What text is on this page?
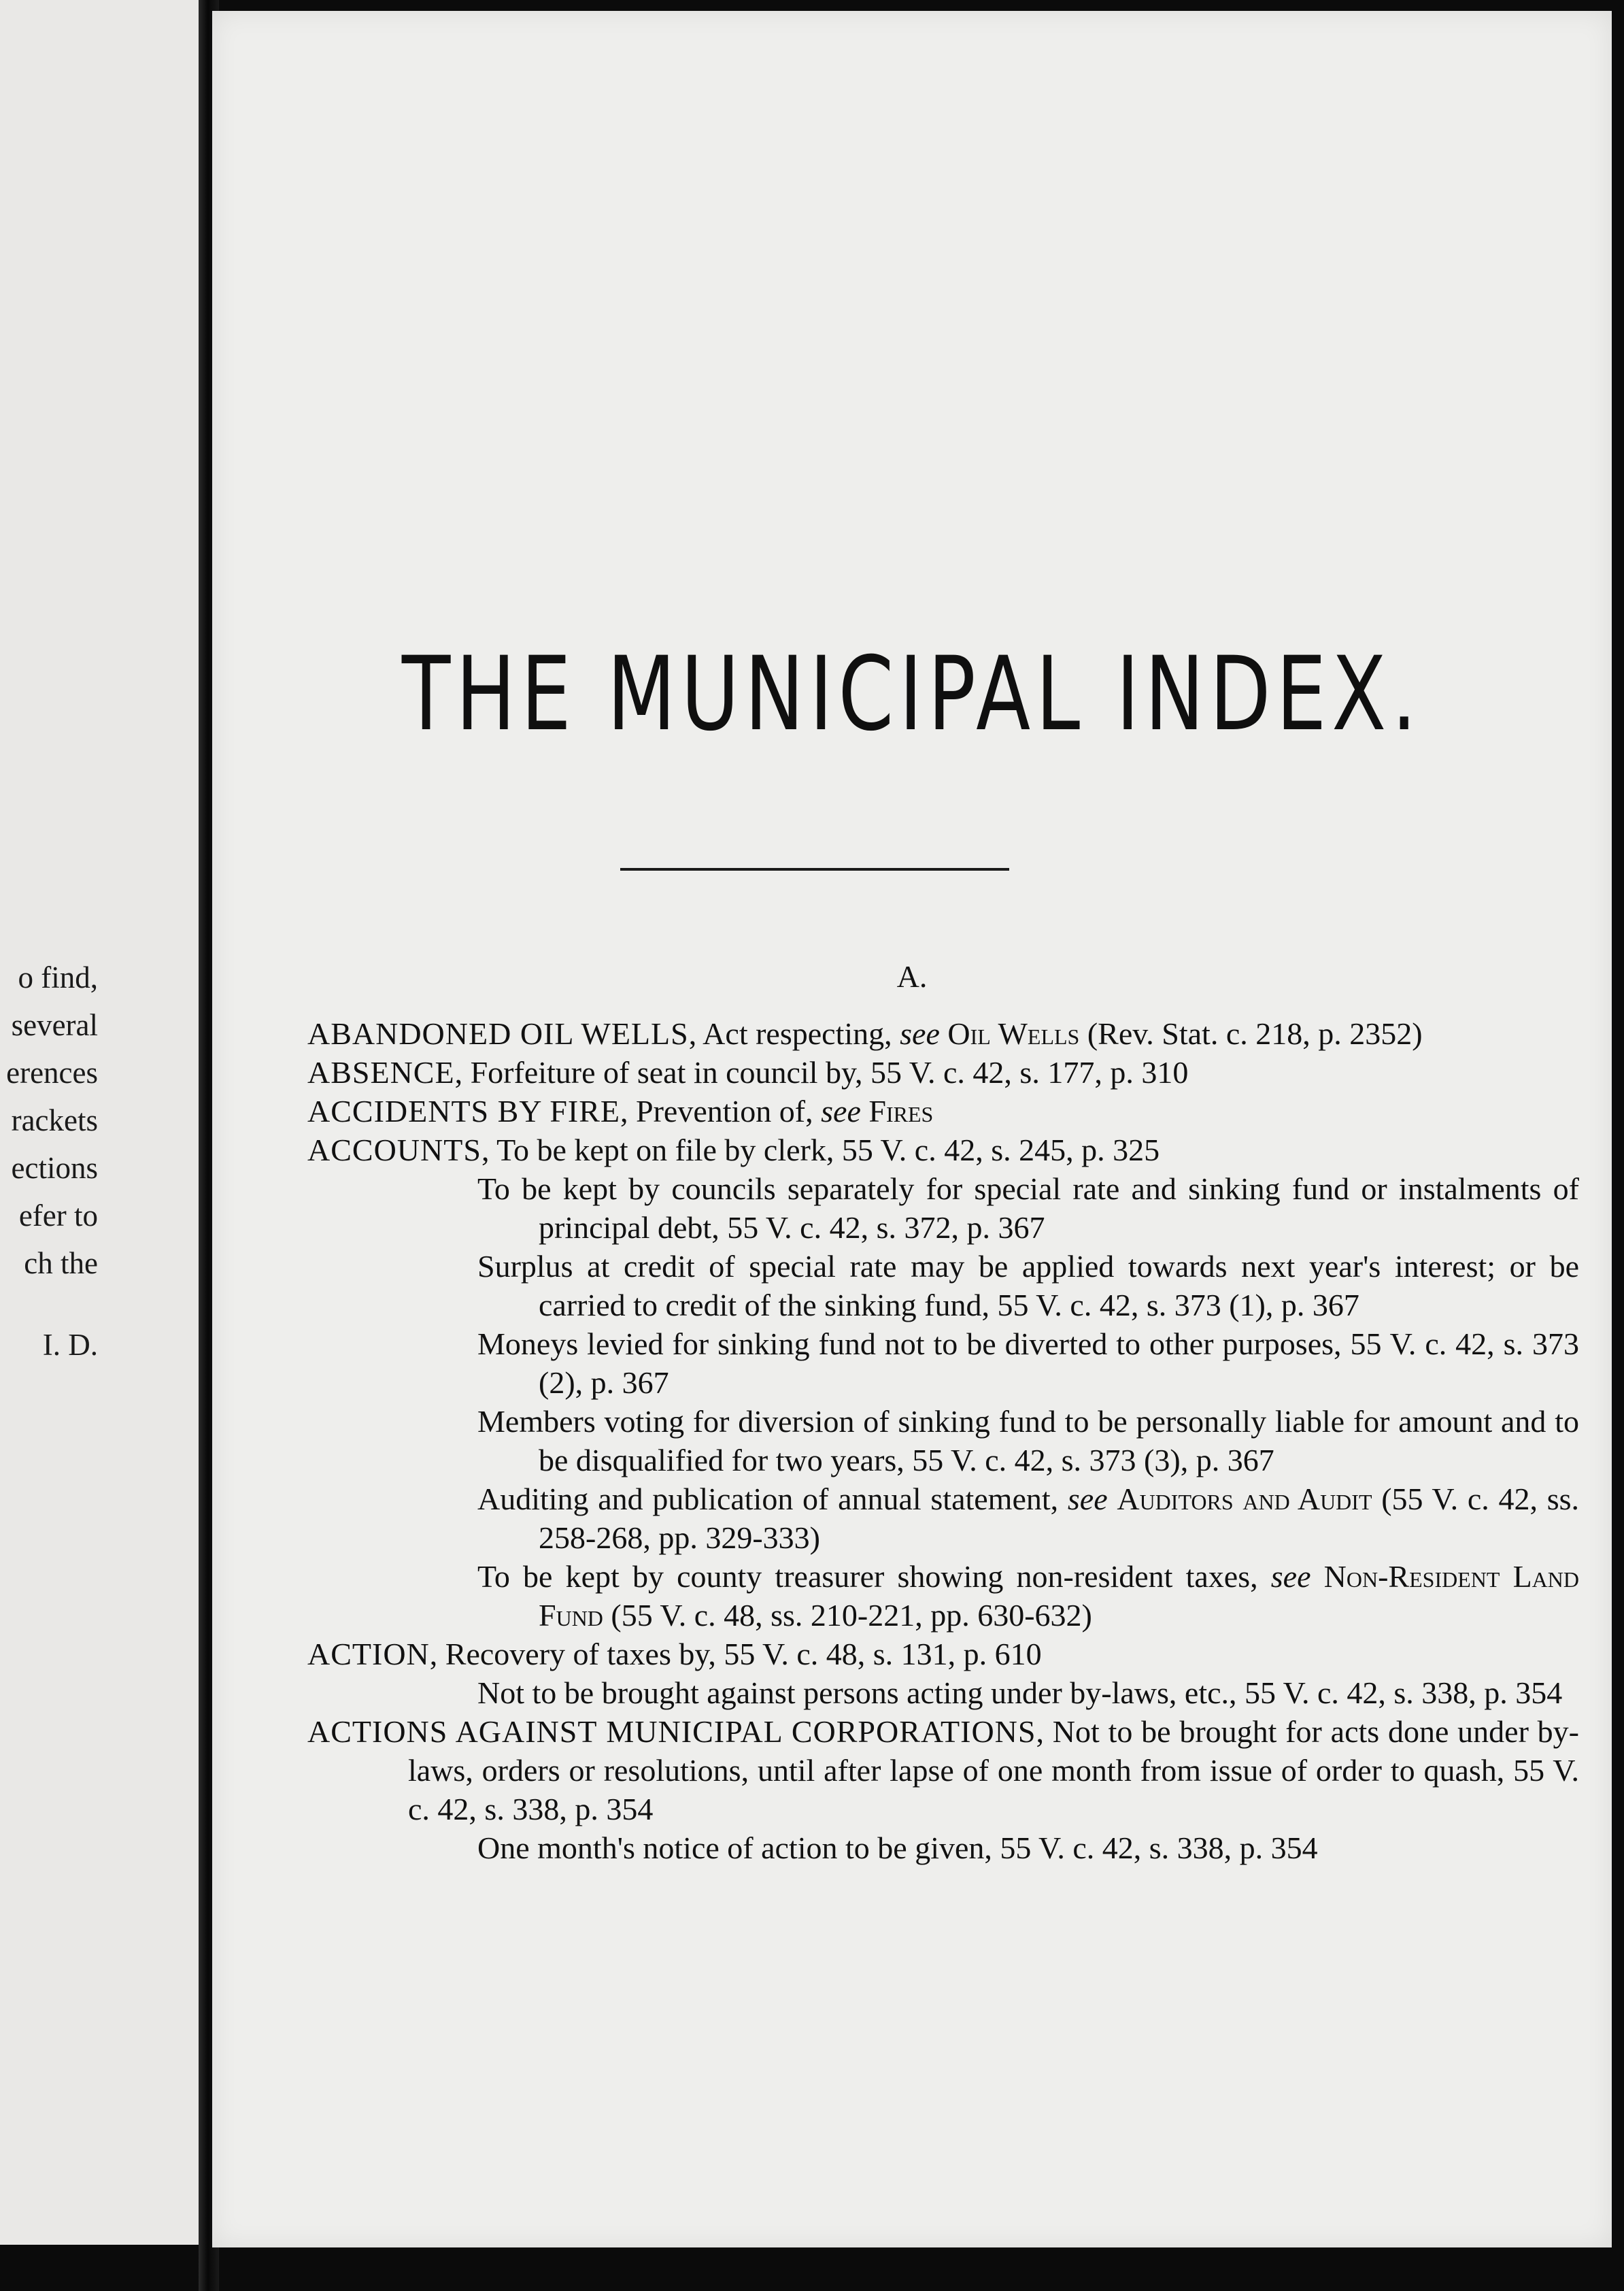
o find,
several
erences
rackets
ections
efer to
ch the
I. D.
THE MUNICIPAL INDEX.
A.

ABANDONED OIL WELLS, Act respecting, see Oil Wells (Rev. Stat. c. 218, p. 2352)

ABSENCE, Forfeiture of seat in council by, 55 V. c. 42, s. 177, p. 310

ACCIDENTS BY FIRE, Prevention of, see Fires

ACCOUNTS, To be kept on file by clerk, 55 V. c. 42, s. 245, p. 325

To be kept by councils separately for special rate and sinking fund or instalments of principal debt, 55 V. c. 42, s. 372, p. 367

Surplus at credit of special rate may be applied towards next year's interest; or be carried to credit of the sinking fund, 55 V. c. 42, s. 373 (1), p. 367

Moneys levied for sinking fund not to be diverted to other purposes, 55 V. c. 42, s. 373 (2), p. 367

Members voting for diversion of sinking fund to be personally liable for amount and to be disqualified for two years, 55 V. c. 42, s. 373 (3), p. 367

Auditing and publication of annual statement, see Auditors and Audit (55 V. c. 42, ss. 258-268, pp. 329-333)

To be kept by county treasurer showing non-resident taxes, see Non-Resident Land Fund (55 V. c. 48, ss. 210-221, pp. 630-632)

ACTION, Recovery of taxes by, 55 V. c. 48, s. 131, p. 610

Not to be brought against persons acting under by-laws, etc., 55 V. c. 42, s. 338, p. 354

ACTIONS AGAINST MUNICIPAL CORPORATIONS, Not to be brought for acts done under by-laws, orders or resolutions, until after lapse of one month from issue of order to quash, 55 V. c. 42, s. 338, p. 354

One month's notice of action to be given, 55 V. c. 42, s. 338, p. 354
